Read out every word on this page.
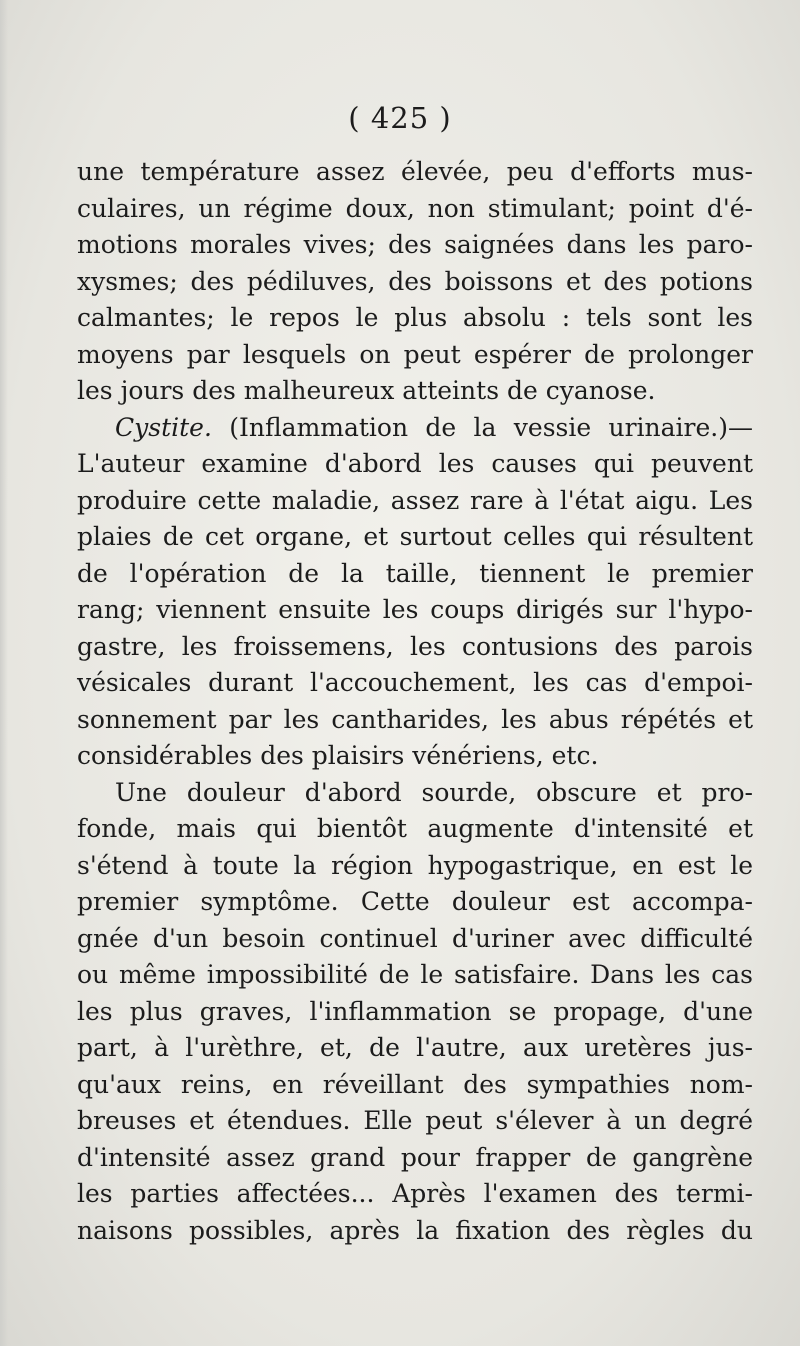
( 425 )
une température assez élevée, peu d'efforts mus-
culaires, un régime doux, non stimulant; point d'é-
motions morales vives; des saignées dans les paro-
xysmes; des pédiluves, des boissons et des potions
calmantes; le repos le plus absolu : tels sont les
moyens par lesquels on peut espérer de prolonger
les jours des malheureux atteints de cyanose.
Cystite. (Inflammation de la vessie urinaire.)—
L'auteur examine d'abord les causes qui peuvent
produire cette maladie, assez rare à l'état aigu. Les
plaies de cet organe, et surtout celles qui résultent
de l'opération de la taille, tiennent le premier
rang; viennent ensuite les coups dirigés sur l'hypo-
gastre, les froissemens, les contusions des parois
vésicales durant l'accouchement, les cas d'empoi-
sonnement par les cantharides, les abus répétés et
considérables des plaisirs vénériens, etc.
Une douleur d'abord sourde, obscure et pro-
fonde, mais qui bientôt augmente d'intensité et
s'étend à toute la région hypogastrique, en est le
premier symptôme. Cette douleur est accompa-
gnée d'un besoin continuel d'uriner avec difficulté
ou même impossibilité de le satisfaire. Dans les cas
les plus graves, l'inflammation se propage, d'une
part, à l'urèthre, et, de l'autre, aux uretères jus-
qu'aux reins, en réveillant des sympathies nom-
breuses et étendues. Elle peut s'élever à un degré
d'intensité assez grand pour frapper de gangrène
les parties affectées... Après l'examen des termi-
naisons possibles, après la fixation des règles du
